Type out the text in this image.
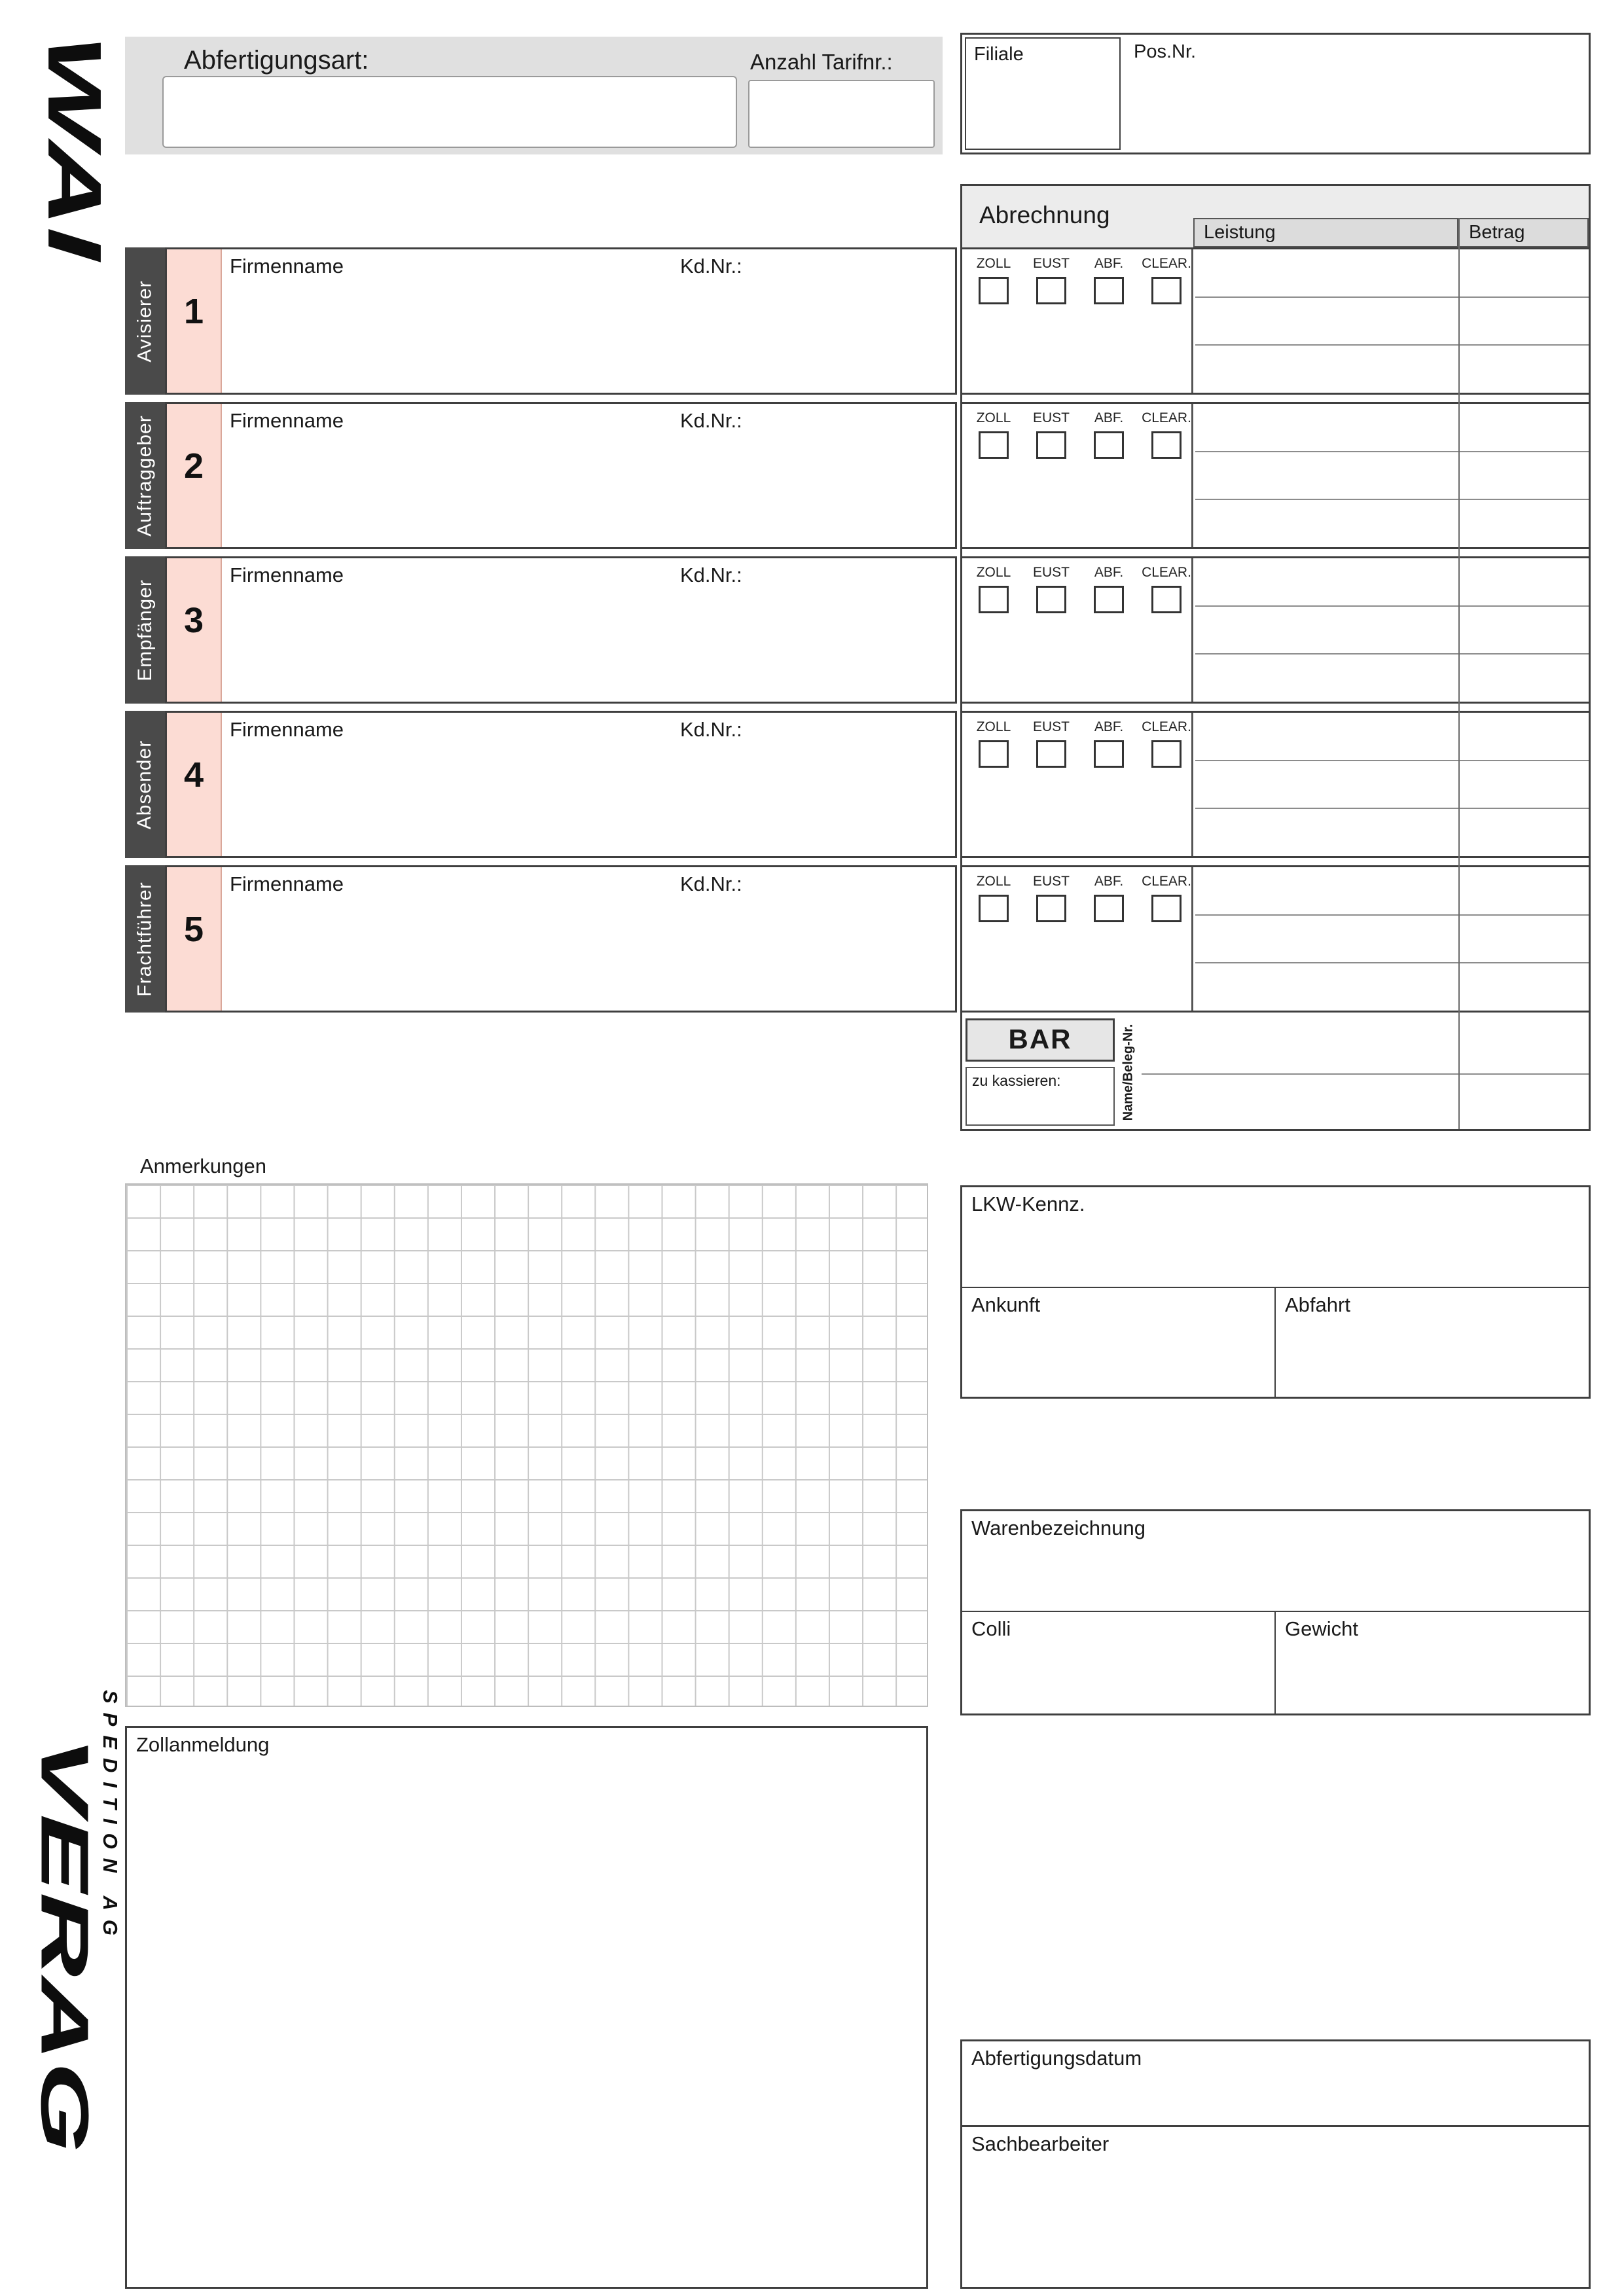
WAI
VERAG
SPEDITION AG
Abfertigungsart:	Anzahl Tarifnr.:	Filiale	Pos.Nr.
Avisierer 1
Firmenname	Kd.Nr.:
Auftraggeber 2
Firmenname	Kd.Nr.:
Empfänger 3
Firmenname	Kd.Nr.:
Absender 4
Firmenname	Kd.Nr.:
Frachtführer 5
Firmenname	Kd.Nr.:
Abrechnung
Leistung	Betrag
ZOLL	EUST	ABF.	CLEAR.
ZOLL	EUST	ABF.	CLEAR.
ZOLL	EUST	ABF.	CLEAR.
ZOLL	EUST	ABF.	CLEAR.
ZOLL	EUST	ABF.	CLEAR.
BAR
zu kassieren:	Name/Beleg-Nr.
Anmerkungen
LKW-Kennz.
Ankunft	Abfahrt
Warenbezeichnung
Colli	Gewicht
Zollanmeldung
Abfertigungsdatum
Sachbearbeiter
